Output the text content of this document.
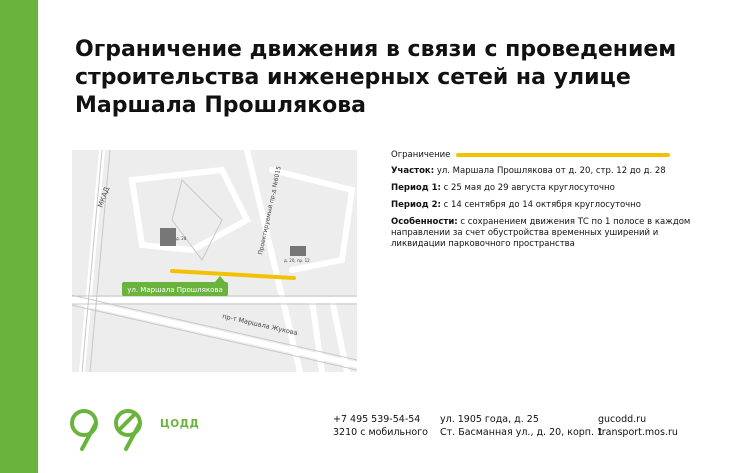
Ограничение движения в связи с проведением строительства инженерных сетей на улице Маршала Прошлякова
МКАД	Проектируемый пр-д №6015
пр-т Маршала Жукова
д. 28
д. 20, пр. 12
ул. Маршала Прошлякова
Ограничение

Участок: ул. Маршала Прошлякова от д. 20, стр. 12 до д. 28

Период 1: с 25 мая до 29 августа круглосуточно

Период 2: с 14 сентября до 14 октября круглосуточно

Особенности: с сохранением движения ТС по 1 полосе в каждом направлении за счет обустройства временных уширений и ликвидации парковочного пространства

ЦОДД	+7 495 539-54-54
3210 с мобильного
ул. 1905 года, д. 25
Ст. Басманная ул., д. 20, корп. 1
gucodd.ru
transport.mos.ru
